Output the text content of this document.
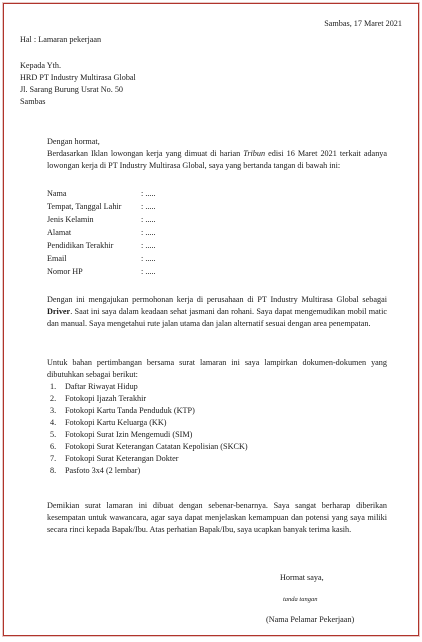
Sambas, 17 Maret 2021
Hal : Lamaran pekerjaan
Kepada Yth.
HRD PT Industry Multirasa Global
Jl. Sarang Burung Usrat No. 50
Sambas
Dengan hormat,
Berdasarkan Iklan lowongan kerja yang dimuat di harian Tribun edisi 16 Maret 2021 terkait adanya lowongan kerja di PT Industry Multirasa Global, saya yang bertanda tangan di bawah ini:
Nama	: .....
Tempat, Tanggal Lahir : .....
Jenis Kelamin	: .....
Alamat	: .....
Pendidikan Terakhir	: .....
Email	: .....
Nomor HP	: .....
Dengan ini mengajukan permohonan kerja di perusahaan di PT Industry Multirasa Global sebagai Driver. Saat ini saya dalam keadaan sehat jasmani dan rohani. Saya dapat mengemudikan mobil matic dan manual. Saya mengetahui rute jalan utama dan jalan alternatif sesuai dengan area penempatan.
Untuk bahan pertimbangan bersama surat lamaran ini saya lampirkan dokumen-dokumen yang dibutuhkan sebagai berikut:
1. Daftar Riwayat Hidup
2. Fotokopi Ijazah Terakhir
3. Fotokopi Kartu Tanda Penduduk (KTP)
4. Fotokopi Kartu Keluarga (KK)
5. Fotokopi Surat Izin Mengemudi (SIM)
6. Fotokopi Surat Keterangan Catatan Kepolisian (SKCK)
7. Fotokopi Surat Keterangan Dokter
8. Pasfoto 3x4 (2 lembar)
Demikian surat lamaran ini dibuat dengan sebenar-benarnya. Saya sangat berharap diberikan kesempatan untuk wawancara, agar saya dapat menjelaskan kemampuan dan potensi yang saya miliki secara rinci kepada Bapak/Ibu. Atas perhatian Bapak/Ibu, saya ucapkan banyak terima kasih.
Hormat saya,
tanda tangan
(Nama Pelamar Pekerjaan)
